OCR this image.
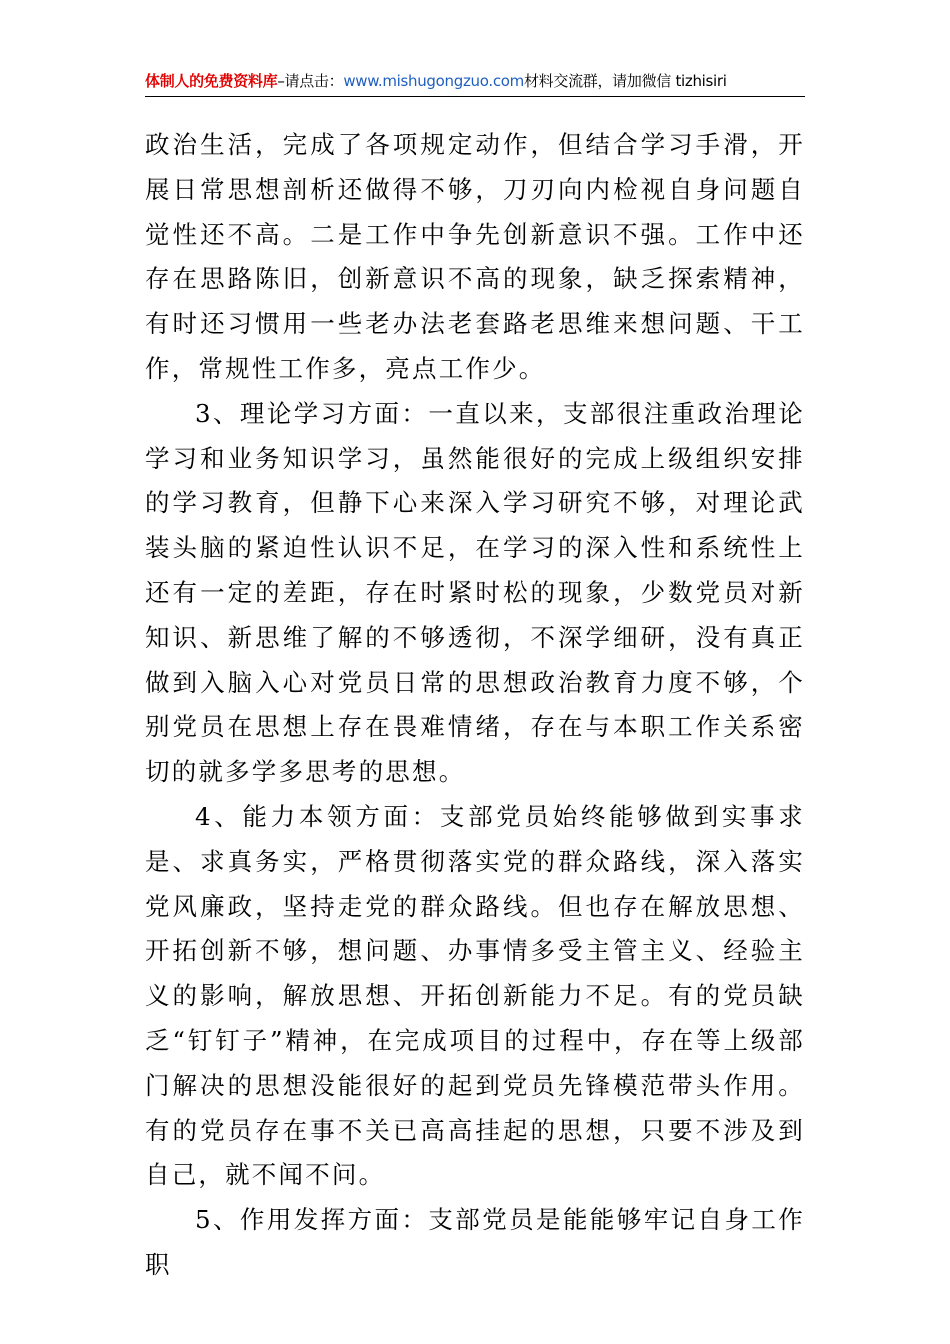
体制人的免费资料库–请点击：www.mishugongzuo.com材料交流群，请加微信 tizhisiri

政治生活，完成了各项规定动作，但结合学习手滑，开展日常思想剖析还做得不够，刀刃向内检视自身问题自觉性还不高。二是工作中争先创新意识不强。工作中还存在思路陈旧，创新意识不高的现象，缺乏探索精神，有时还习惯用一些老办法老套路老思维来想问题、干工作，常规性工作多，亮点工作少。

3、理论学习方面：一直以来，支部很注重政治理论学习和业务知识学习，虽然能很好的完成上级组织安排的学习教育，但静下心来深入学习研究不够，对理论武装头脑的紧迫性认识不足，在学习的深入性和系统性上还有一定的差距，存在时紧时松的现象，少数党员对新知识、新思维了解的不够透彻，不深学细研，没有真正做到入脑入心对党员日常的思想政治教育力度不够，个别党员在思想上存在畏难情绪，存在与本职工作关系密切的就多学多思考的思想。

4、能力本领方面：支部党员始终能够做到实事求是、求真务实，严格贯彻落实党的群众路线，深入落实党风廉政，坚持走党的群众路线。但也存在解放思想、开拓创新不够，想问题、办事情多受主管主义、经验主义的影响，解放思想、开拓创新能力不足。有的党员缺乏“钉钉子”精神，在完成项目的过程中，存在等上级部门解决的思想没能很好的起到党员先锋模范带头作用。有的党员存在事不关已高高挂起的思想，只要不涉及到自己，就不闻不问。

5、作用发挥方面：支部党员是能能够牢记自身工作职
